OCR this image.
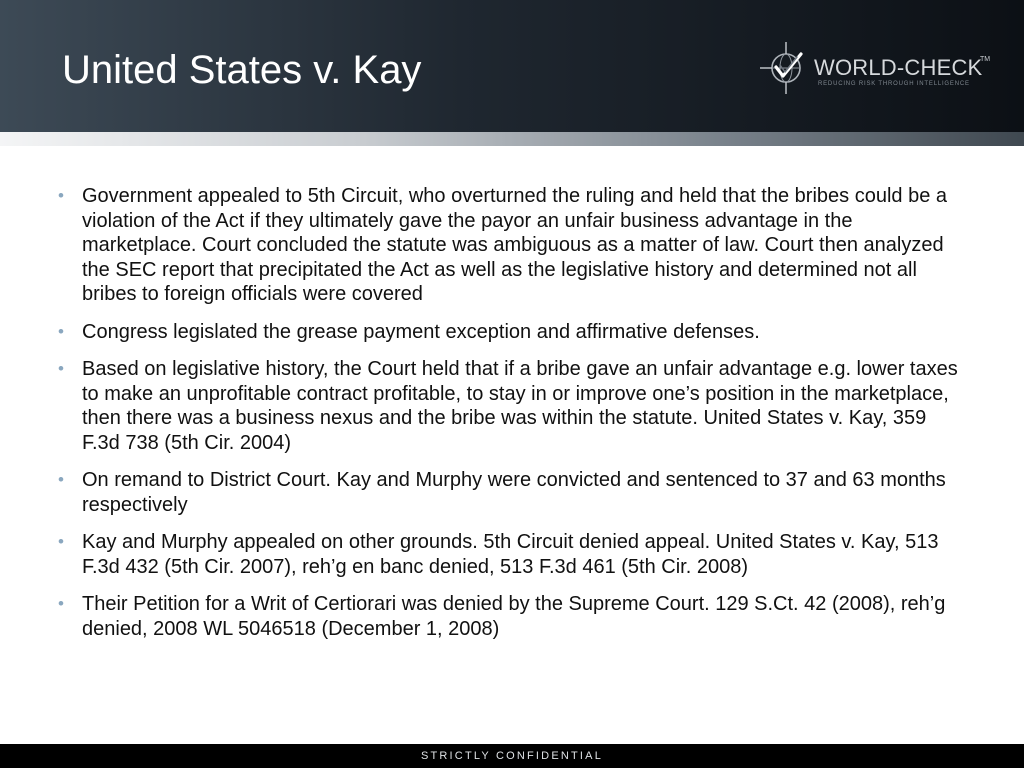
United States v. Kay	WORLD-CHECK
TM
REDUCING RISK THROUGH INTELLIGENCE
• Government appealed to 5th Circuit, who overturned the ruling and held that the bribes could be a violation of the Act if they ultimately gave the payor an unfair business advantage in the marketplace. Court concluded the statute was ambiguous as a matter of law. Court then analyzed the SEC report that precipitated the Act as well as the legislative history and determined not all bribes to foreign officials were covered
• Congress legislated the grease payment exception and affirmative defenses.
• Based on legislative history, the Court held that if a bribe gave an unfair advantage e.g. lower taxes to make an unprofitable contract profitable, to stay in or improve one’s position in the marketplace, then there was a business nexus and the bribe was within the statute. United States v. Kay, 359 F.3d 738 (5th Cir. 2004)
• On remand to District Court. Kay and Murphy were convicted and sentenced to 37 and 63 months respectively
• Kay and Murphy appealed on other grounds. 5th Circuit denied appeal. United States v. Kay, 513 F.3d 432 (5th Cir. 2007), reh’g en banc denied, 513 F.3d 461 (5th Cir. 2008)
• Their Petition for a Writ of Certiorari was denied by the Supreme Court. 129 S.Ct. 42 (2008), reh’g denied, 2008 WL 5046518 (December 1, 2008)
STRICTLY CONFIDENTIAL
